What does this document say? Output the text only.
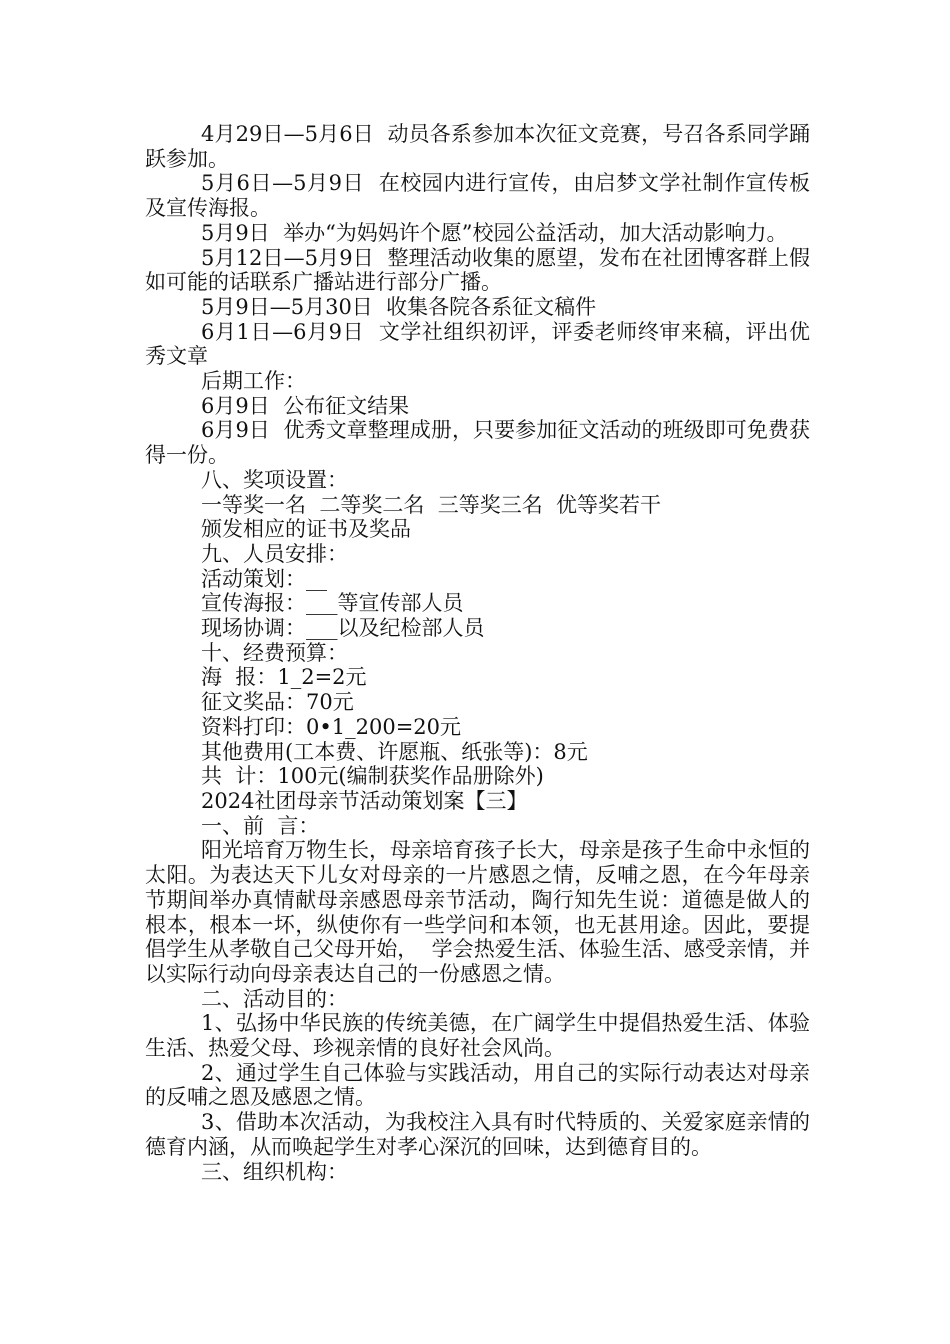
4月29日—5月6日  动员各系参加本次征文竞赛，号召各系同学踊跃参加。

5月6日—5月9日  在校园内进行宣传，由启梦文学社制作宣传板及宣传海报。

5月9日  举办“为妈妈许个愿”校园公益活动，加大活动影响力。

5月12日—5月9日  整理活动收集的愿望，发布在社团博客群上假如可能的话联系广播站进行部分广播。

5月9日—5月30日  收集各院各系征文稿件

6月1日—6月9日  文学社组织初评，评委老师终审来稿，评出优秀文章

后期工作：

6月9日  公布征文结果

6月9日  优秀文章整理成册，只要参加征文活动的班级即可免费获得一份。

八、奖项设置：

一等奖一名  二等奖二名  三等奖三名  优等奖若干

颁发相应的证书及奖品

九、人员安排：

活动策划：__

宣传海报：___等宣传部人员

现场协调：___以及纪检部人员

十、经费预算：

海  报：1_2=2元

征文奖品：70元

资料打印：0•1_200=20元

其他费用(工本费、许愿瓶、纸张等)：8元

共  计：100元(编制获奖作品册除外)

2024社团母亲节活动策划案【三】

一、前  言：

阳光培育万物生长，母亲培育孩子长大，母亲是孩子生命中永恒的太阳。为表达天下儿女对母亲的一片感恩之情，反哺之恩，在今年母亲节期间举办真情献母亲感恩母亲节活动，陶行知先生说：道德是做人的根本，根本一坏，纵使你有一些学问和本领，也无甚用途。因此，要提倡学生从孝敬自己父母开始，  学会热爱生活、体验生活、感受亲情，并以实际行动向母亲表达自己的一份感恩之情。

二、活动目的：

1、弘扬中华民族的传统美德，在广阔学生中提倡热爱生活、体验生活、热爱父母、珍视亲情的良好社会风尚。

2、通过学生自己体验与实践活动，用自己的实际行动表达对母亲的反哺之恩及感恩之情。

3、借助本次活动，为我校注入具有时代特质的、关爱家庭亲情的德育内涵，从而唤起学生对孝心深沉的回味，达到德育目的。

三、组织机构：
